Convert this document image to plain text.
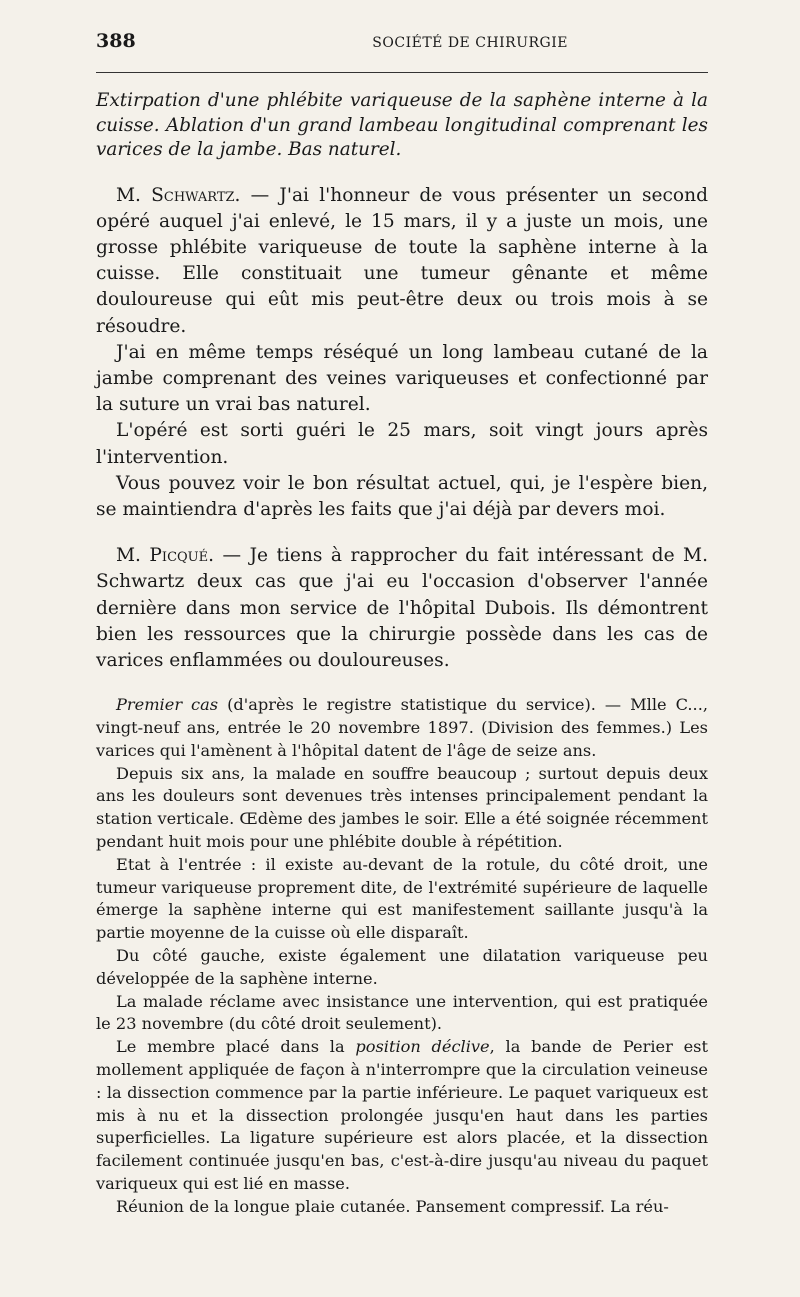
388	SOCIÉTÉ DE CHIRURGIE

Extirpation d'une phlébite variqueuse de la saphène interne à la cuisse. Ablation d'un grand lambeau longitudinal comprenant les varices de la jambe. Bas naturel.

M. Schwartz. — J'ai l'honneur de vous présenter un second opéré auquel j'ai enlevé, le 15 mars, il y a juste un mois, une grosse phlébite variqueuse de toute la saphène interne à la cuisse. Elle constituait une tumeur gênante et même douloureuse qui eût mis peut-être deux ou trois mois à se résoudre.

J'ai en même temps réséqué un long lambeau cutané de la jambe comprenant des veines variqueuses et confectionné par la suture un vrai bas naturel.

L'opéré est sorti guéri le 25 mars, soit vingt jours après l'intervention.

Vous pouvez voir le bon résultat actuel, qui, je l'espère bien, se maintiendra d'après les faits que j'ai déjà par devers moi.

M. Picqué. — Je tiens à rapprocher du fait intéressant de M. Schwartz deux cas que j'ai eu l'occasion d'observer l'année dernière dans mon service de l'hôpital Dubois. Ils démontrent bien les ressources que la chirurgie possède dans les cas de varices enflammées ou douloureuses.

Premier cas (d'après le registre statistique du service). — Mlle C..., vingt-neuf ans, entrée le 20 novembre 1897. (Division des femmes.) Les varices qui l'amènent à l'hôpital datent de l'âge de seize ans.

Depuis six ans, la malade en souffre beaucoup ; surtout depuis deux ans les douleurs sont devenues très intenses principalement pendant la station verticale. Œdème des jambes le soir. Elle a été soignée récemment pendant huit mois pour une phlébite double à répétition.

Etat à l'entrée : il existe au-devant de la rotule, du côté droit, une tumeur variqueuse proprement dite, de l'extrémité supérieure de laquelle émerge la saphène interne qui est manifestement saillante jusqu'à la partie moyenne de la cuisse où elle disparaît.

Du côté gauche, existe également une dilatation variqueuse peu développée de la saphène interne.

La malade réclame avec insistance une intervention, qui est pratiquée le 23 novembre (du côté droit seulement).

Le membre placé dans la position déclive, la bande de Perier est mollement appliquée de façon à n'interrompre que la circulation veineuse : la dissection commence par la partie inférieure. Le paquet variqueux est mis à nu et la dissection prolongée jusqu'en haut dans les parties superficielles. La ligature supérieure est alors placée, et la dissection facilement continuée jusqu'en bas, c'est-à-dire jusqu'au niveau du paquet variqueux qui est lié en masse.

Réunion de la longue plaie cutanée. Pansement compressif. La réu-
